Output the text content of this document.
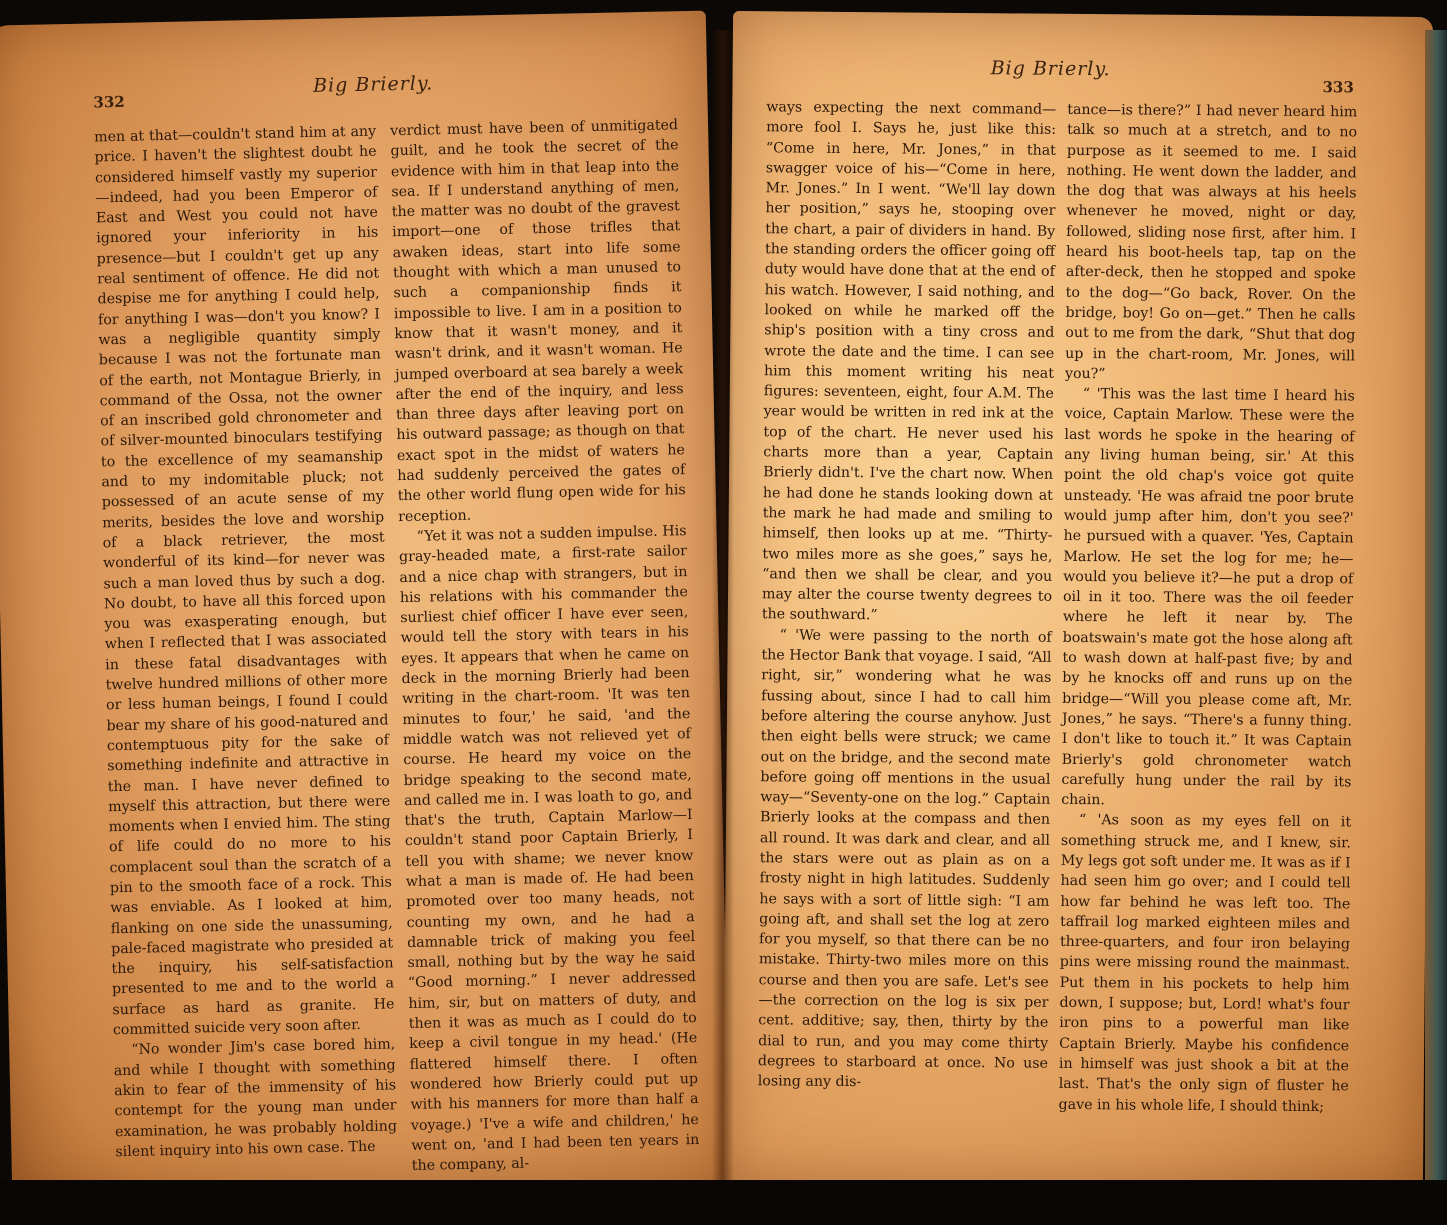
332
Big Brierly.

men at that—couldn't stand him at any price. I haven't the slightest doubt he considered himself vastly my superior —indeed, had you been Emperor of East and West you could not have ignored your inferiority in his presence—but I couldn't get up any real sentiment of offence. He did not despise me for anything I could help, for anything I was—don't you know? I was a negligible quantity simply because I was not the fortunate man of the earth, not Montague Brierly, in command of the Ossa, not the owner of an inscribed gold chronometer and of silver-mounted binoculars testifying to the excellence of my seamanship and to my indomitable pluck; not possessed of an acute sense of my merits, besides the love and worship of a black retriever, the most wonderful of its kind—for never was such a man loved thus by such a dog. No doubt, to have all this forced upon you was exasperating enough, but when I reflected that I was associated in these fatal disadvantages with twelve hundred millions of other more or less human beings, I found I could bear my share of his good-natured and contemptuous pity for the sake of something indefinite and attractive in the man. I have never defined to myself this attraction, but there were moments when I envied him. The sting of life could do no more to his complacent soul than the scratch of a pin to the smooth face of a rock. This was enviable. As I looked at him, flanking on one side the unassuming, pale-faced magistrate who presided at the inquiry, his self-satisfaction presented to me and to the world a surface as hard as granite. He committed suicide very soon after.

“No wonder Jim's case bored him, and while I thought with something akin to fear of the immensity of his contempt for the young man under examination, he was probably holding silent inquiry into his own case. The

verdict must have been of unmitigated guilt, and he took the secret of the evidence with him in that leap into the sea. If I understand anything of men, the matter was no doubt of the gravest import—one of those trifles that awaken ideas, start into life some thought with which a man unused to such a companionship finds it impossible to live. I am in a position to know that it wasn't money, and it wasn't drink, and it wasn't woman. He jumped overboard at sea barely a week after the end of the inquiry, and less than three days after leaving port on his outward passage; as though on that exact spot in the midst of waters he had suddenly perceived the gates of the other world flung open wide for his reception.

“Yet it was not a sudden impulse. His gray-headed mate, a first-rate sailor and a nice chap with strangers, but in his relations with his commander the surliest chief officer I have ever seen, would tell the story with tears in his eyes. It appears that when he came on deck in the morning Brierly had been writing in the chart-room. 'It was ten minutes to four,' he said, 'and the middle watch was not relieved yet of course. He heard my voice on the bridge speaking to the second mate, and called me in. I was loath to go, and that's the truth, Captain Marlow—I couldn't stand poor Captain Brierly, I tell you with shame; we never know what a man is made of. He had been promoted over too many heads, not counting my own, and he had a damnable trick of making you feel small, nothing but by the way he said “Good morning.” I never addressed him, sir, but on matters of duty, and then it was as much as I could do to keep a civil tongue in my head.' (He flattered himself there. I often wondered how Brierly could put up with his manners for more than half a voyage.) 'I've a wife and children,' he went on, 'and I had been ten years in the company, al-

Big Brierly.
333

ways expecting the next command—more fool I. Says he, just like this: “Come in here, Mr. Jones,” in that swagger voice of his—“Come in here, Mr. Jones.” In I went. “We'll lay down her position,” says he, stooping over the chart, a pair of dividers in hand. By the standing orders the officer going off duty would have done that at the end of his watch. However, I said nothing, and looked on while he marked off the ship's position with a tiny cross and wrote the date and the time. I can see him this moment writing his neat figures: seventeen, eight, four A.M. The year would be written in red ink at the top of the chart. He never used his charts more than a year, Captain Brierly didn't. I've the chart now. When he had done he stands looking down at the mark he had made and smiling to himself, then looks up at me. “Thirty-two miles more as she goes,” says he, “and then we shall be clear, and you may alter the course twenty degrees to the southward.”

“ 'We were passing to the north of the Hector Bank that voyage. I said, “All right, sir,” wondering what he was fussing about, since I had to call him before altering the course anyhow. Just then eight bells were struck; we came out on the bridge, and the second mate before going off mentions in the usual way—“Seventy-one on the log.” Captain Brierly looks at the compass and then all round. It was dark and clear, and all the stars were out as plain as on a frosty night in high latitudes. Suddenly he says with a sort of little sigh: “I am going aft, and shall set the log at zero for you myself, so that there can be no mistake. Thirty-two miles more on this course and then you are safe. Let's see—the correction on the log is six per cent. additive; say, then, thirty by the dial to run, and you may come thirty degrees to starboard at once. No use losing any dis-

tance—is there?” I had never heard him talk so much at a stretch, and to no purpose as it seemed to me. I said nothing. He went down the ladder, and the dog that was always at his heels whenever he moved, night or day, followed, sliding nose first, after him. I heard his boot-heels tap, tap on the after-deck, then he stopped and spoke to the dog—“Go back, Rover. On the bridge, boy! Go on—get.” Then he calls out to me from the dark, “Shut that dog up in the chart-room, Mr. Jones, will you?”

“ 'This was the last time I heard his voice, Captain Marlow. These were the last words he spoke in the hearing of any living human being, sir.' At this point the old chap's voice got quite unsteady. 'He was afraid tne poor brute would jump after him, don't you see?' he pursued with a quaver. 'Yes, Captain Marlow. He set the log for me; he—would you believe it?—he put a drop of oil in it too. There was the oil feeder where he left it near by. The boatswain's mate got the hose along aft to wash down at half-past five; by and by he knocks off and runs up on the bridge—“Will you please come aft, Mr. Jones,” he says. “There's a funny thing. I don't like to touch it.” It was Captain Brierly's gold chronometer watch carefully hung under the rail by its chain.

“ 'As soon as my eyes fell on it something struck me, and I knew, sir. My legs got soft under me. It was as if I had seen him go over; and I could tell how far behind he was left too. The taffrail log marked eighteen miles and three-quarters, and four iron belaying pins were missing round the mainmast. Put them in his pockets to help him down, I suppose; but, Lord! what's four iron pins to a powerful man like Captain Brierly. Maybe his confidence in himself was just shook a bit at the last. That's the only sign of fluster he gave in his whole life, I should think;
